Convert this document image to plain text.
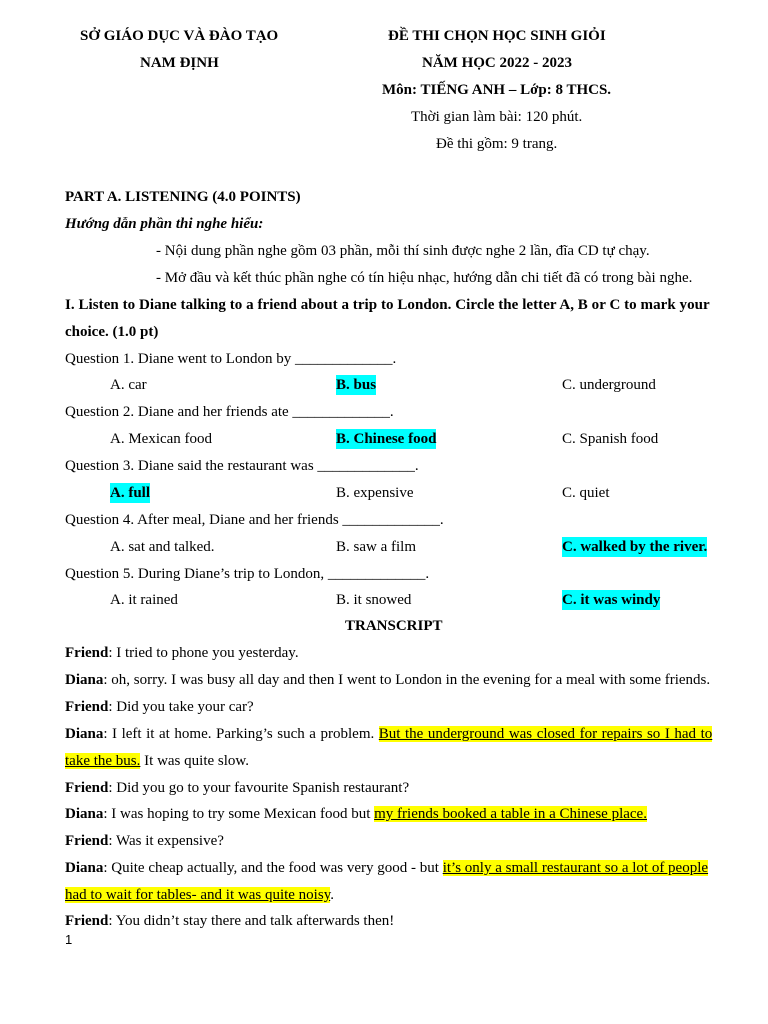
SỞ GIÁO DỤC VÀ ĐÀO TẠO
NAM ĐỊNH
ĐỀ THI CHỌN HỌC SINH GIỎI
NĂM HỌC 2022 - 2023
Môn: TIẾNG ANH – Lớp: 8 THCS.
Thời gian làm bài: 120 phút.
Đề thi gồm: 9 trang.
PART A. LISTENING (4.0 POINTS)
Hướng dẫn phần thi nghe hiểu:
- Nội dung phần nghe gồm 03 phần, mỗi thí sinh được nghe 2 lần, đĩa CD tự chạy.
- Mở đầu và kết thúc phần nghe có tín hiệu nhạc, hướng dẫn chi tiết đã có trong bài nghe.
I. Listen to Diane talking to a friend about a trip to London. Circle the letter A, B or C to mark your
choice. (1.0 pt)
Question 1. Diane went to London by _____________.
A. car	B. bus	C. underground
Question 2. Diane and her friends ate _____________.
A. Mexican food	B. Chinese food	C. Spanish food
Question 3. Diane said the restaurant was _____________.
A. full	B. expensive	C. quiet
Question 4. After meal, Diane and her friends _____________.
A. sat and talked.	B. saw a film	C. walked by the river.
Question 5. During Diane’s trip to London, _____________.
A. it rained	B. it snowed	C. it was windy
TRANSCRIPT
Friend: I tried to phone you yesterday.
Diana: oh, sorry. I was busy all day and then I went to London in the evening for a meal with some friends.
Friend: Did you take your car?
Diana: I left it at home. Parking’s such a problem. But the underground was closed for repairs so I had to
take the bus. It was quite slow.
Friend: Did you go to your favourite Spanish restaurant?
Diana: I was hoping to try some Mexican food but my friends booked a table in a Chinese place.
Friend: Was it expensive?
Diana: Quite cheap actually, and the food was very good - but it’s only a small restaurant so a lot of people
had to wait for tables- and it was quite noisy.
Friend: You didn’t stay there and talk afterwards then!
1
